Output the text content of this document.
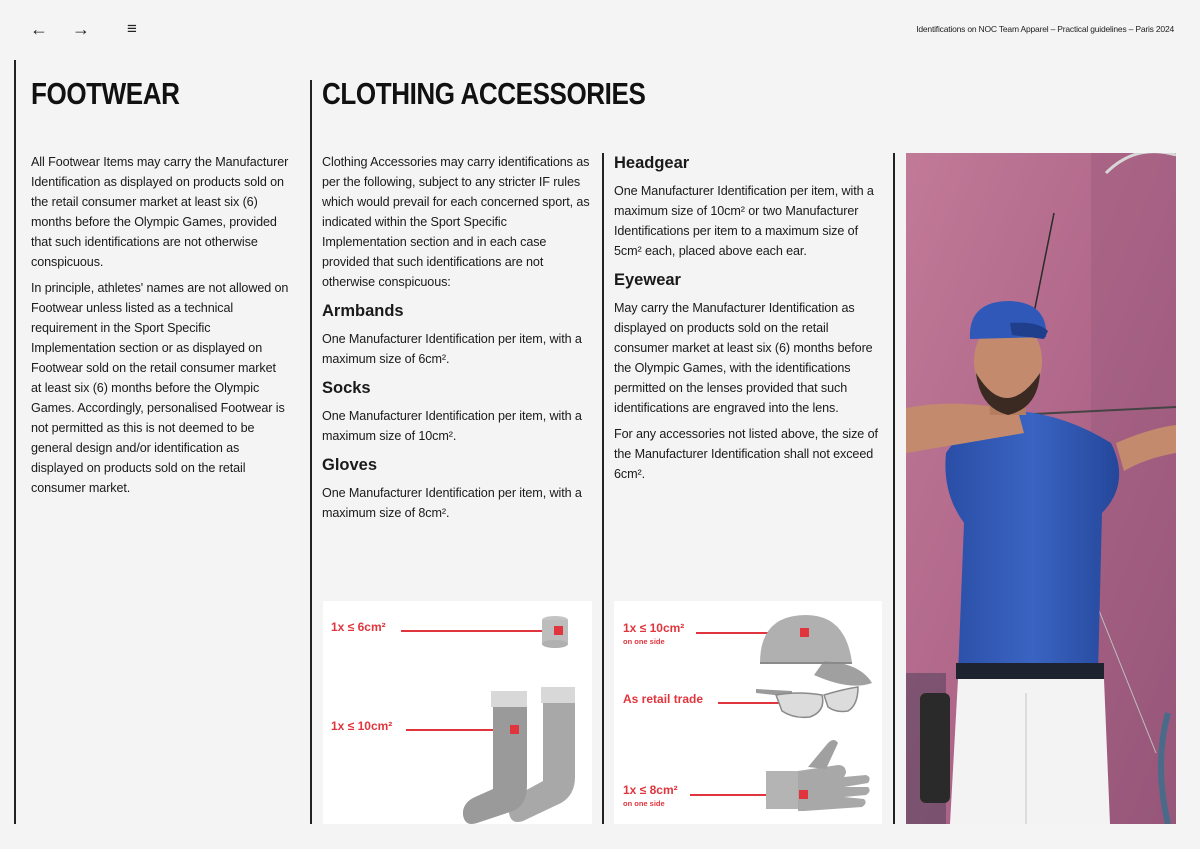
← → ≡	Identifications on NOC Team Apparel – Practical guidelines – Paris 2024
FOOTWEAR

All Footwear Items may carry the Manufacturer Identification as displayed on products sold on the retail consumer market at least six (6) months before the Olympic Games, provided that such identifications are not otherwise conspicuous.

In principle, athletes' names are not allowed on Footwear unless listed as a technical requirement in the Sport Specific Implementation section or as displayed on Footwear sold on the retail consumer market at least six (6) months before the Olympic Games. Accordingly, personalised Footwear is not permitted as this is not deemed to be general design and/or identification as displayed on products sold on the retail consumer market.

CLOTHING ACCESSORIES

Clothing Accessories may carry identifications as per the following, subject to any stricter IF rules which would prevail for each concerned sport, as indicated within the Sport Specific Implementation section and in each case provided that such identifications are not otherwise conspicuous:

Armbands

One Manufacturer Identification per item, with a maximum size of 6cm².

Socks

One Manufacturer Identification per item, with a maximum size of 10cm².

Gloves

One Manufacturer Identification per item, with a maximum size of 8cm².

Headgear

One Manufacturer Identification per item, with a maximum size of 10cm² or two Manufacturer Identifications per item to a maximum size of 5cm² each, placed above each ear.

Eyewear

May carry the Manufacturer Identification as displayed on products sold on the retail consumer market at least six (6) months before the Olympic Games, with the identifications permitted on the lenses provided that such identifications are engraved into the lens.

For any accessories not listed above, the size of the Manufacturer Identification shall not exceed 6cm².

1x ≤ 6cm²
1x ≤ 10cm²
1x ≤ 10cm²
on one side
As retail trade
1x ≤ 8cm²
on one side
